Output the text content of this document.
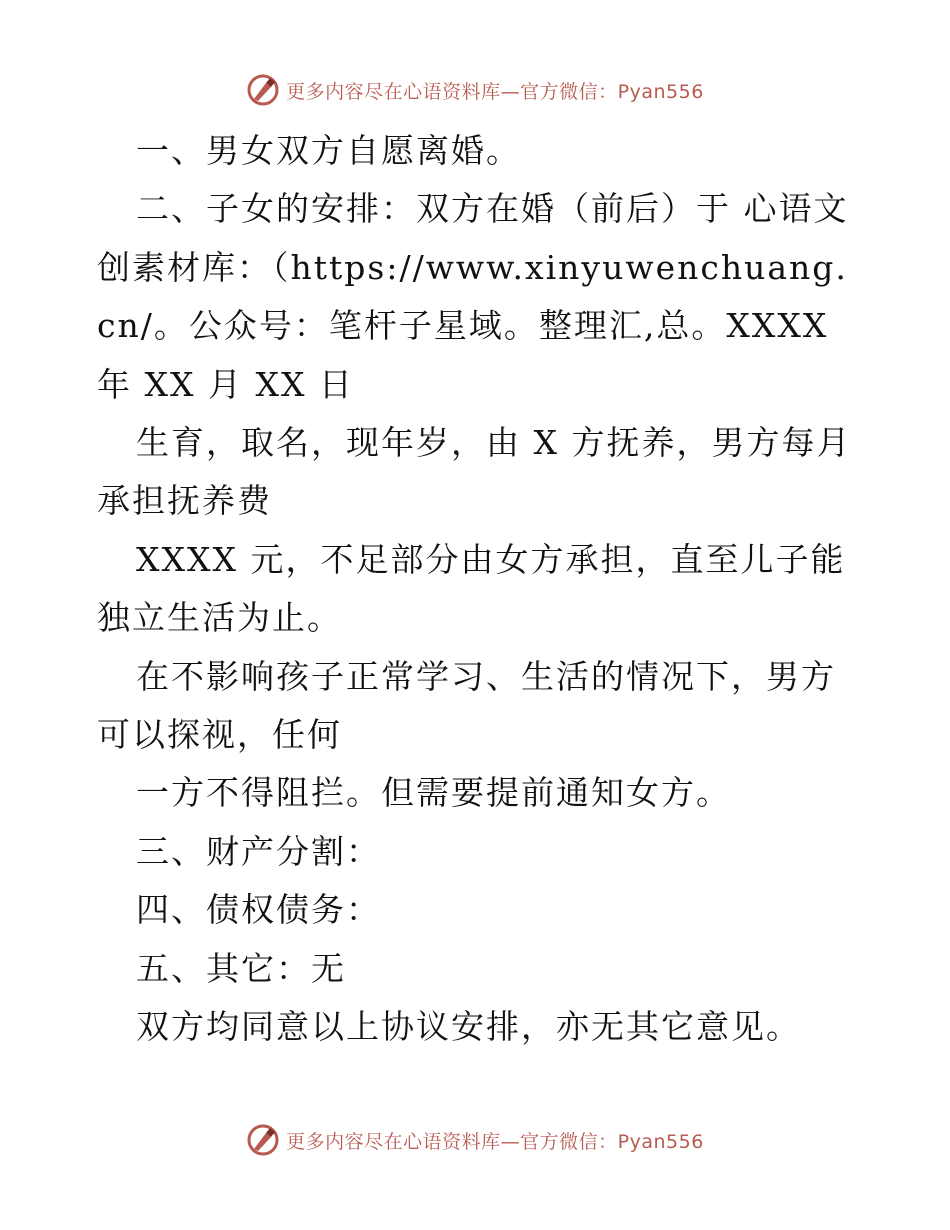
更多内容尽在心语资料库—官方微信：Pyan556

一、男女双方自愿离婚。

二、子女的安排：双方在婚（前后）于 心语文创素材库：（https://www.xinyuwenchuang.cn/。公众号：笔杆子星域。整理汇,总。XXXX 年 XX 月 XX 日

生育，取名，现年岁，由 X 方抚养，男方每月承担抚养费

XXXX 元，不足部分由女方承担，直至儿子能独立生活为止。

在不影响孩子正常学习、生活的情况下，男方可以探视，任何

一方不得阻拦。但需要提前通知女方。

三、财产分割：

四、债权债务：

五、其它：无

双方均同意以上协议安排，亦无其它意见。

更多内容尽在心语资料库—官方微信：Pyan556
